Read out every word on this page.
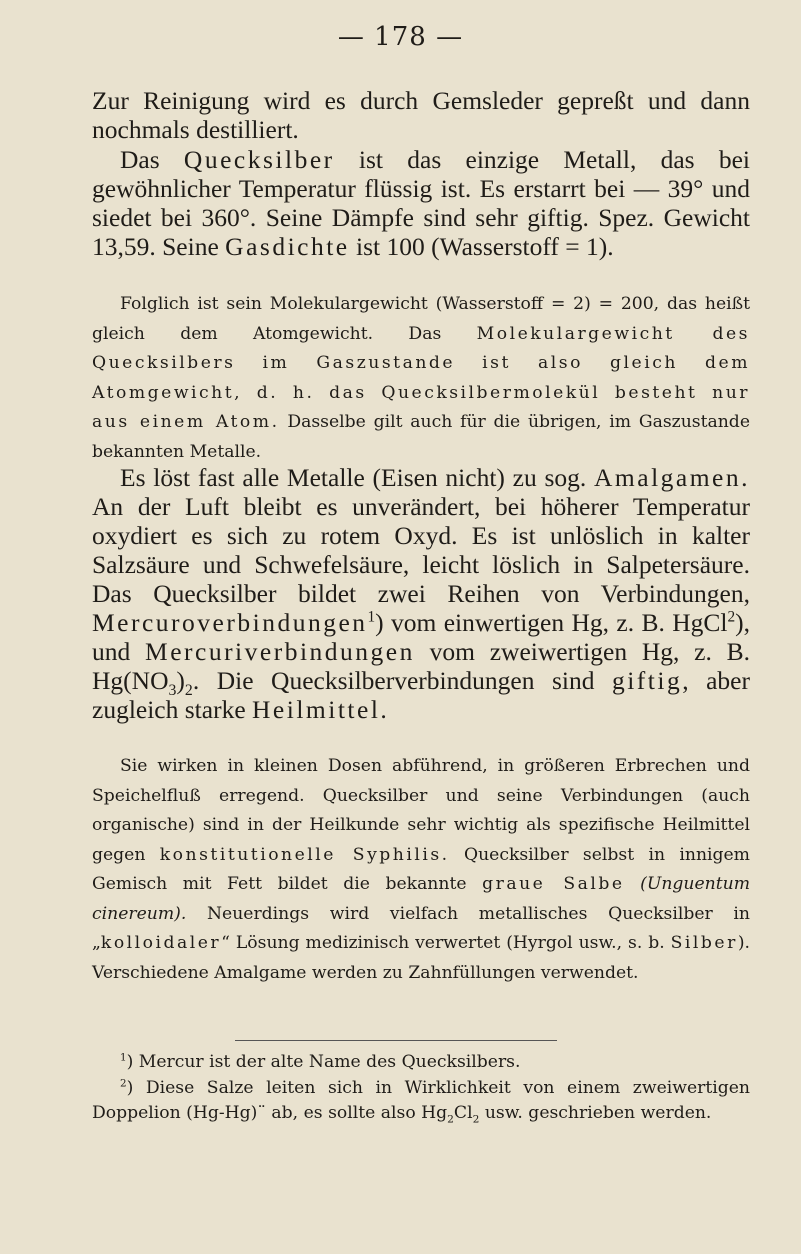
— 178 —

Zur Reinigung wird es durch Gemsleder gepreßt und dann nochmals destilliert.

Das Quecksilber ist das einzige Metall, das bei gewöhnlicher Temperatur flüssig ist. Es erstarrt bei — 39° und siedet bei 360°. Seine Dämpfe sind sehr giftig. Spez. Gewicht 13,59. Seine Gasdichte ist 100 (Wasserstoff = 1).

Folglich ist sein Molekulargewicht (Wasserstoff = 2) = 200, das heißt gleich dem Atomgewicht. Das Molekulargewicht des Quecksilbers im Gaszustande ist also gleich dem Atomgewicht, d. h. das Quecksilbermolekül besteht nur aus einem Atom. Dasselbe gilt auch für die übrigen, im Gaszustande bekannten Metalle.

Es löst fast alle Metalle (Eisen nicht) zu sog. Amalgamen. An der Luft bleibt es unverändert, bei höherer Temperatur oxydiert es sich zu rotem Oxyd. Es ist unlöslich in kalter Salzsäure und Schwefelsäure, leicht löslich in Salpetersäure. Das Quecksilber bildet zwei Reihen von Verbindungen, Mercuroverbindungen$^1$) vom einwertigen Hg, z. B. HgCl$^2$), und Mercuriverbindungen vom zweiwertigen Hg, z. B. $Hg(NO_3)_2$. Die Quecksilberverbindungen sind giftig, aber zugleich starke Heilmittel.

Sie wirken in kleinen Dosen abführend, in größeren Erbrechen und Speichelfluß erregend. Quecksilber und seine Verbindungen (auch organische) sind in der Heilkunde sehr wichtig als spezifische Heilmittel gegen konstitutionelle Syphilis. Quecksilber selbst in innigem Gemisch mit Fett bildet die bekannte graue Salbe (Unguentum cinereum). Neuerdings wird vielfach metallisches Quecksilber in „kolloidaler“ Lösung medizinisch verwertet (Hyrgol usw., s. b. Silber). Verschiedene Amalgame werden zu Zahnfüllungen verwendet.

$^1$) Mercur ist der alte Name des Quecksilbers.

$^2$) Diese Salze leiten sich in Wirklichkeit von einem zweiwertigen Doppelion (Hg-Hg)¨ ab, es sollte also $Hg_2Cl_2$ usw. geschrieben werden.
